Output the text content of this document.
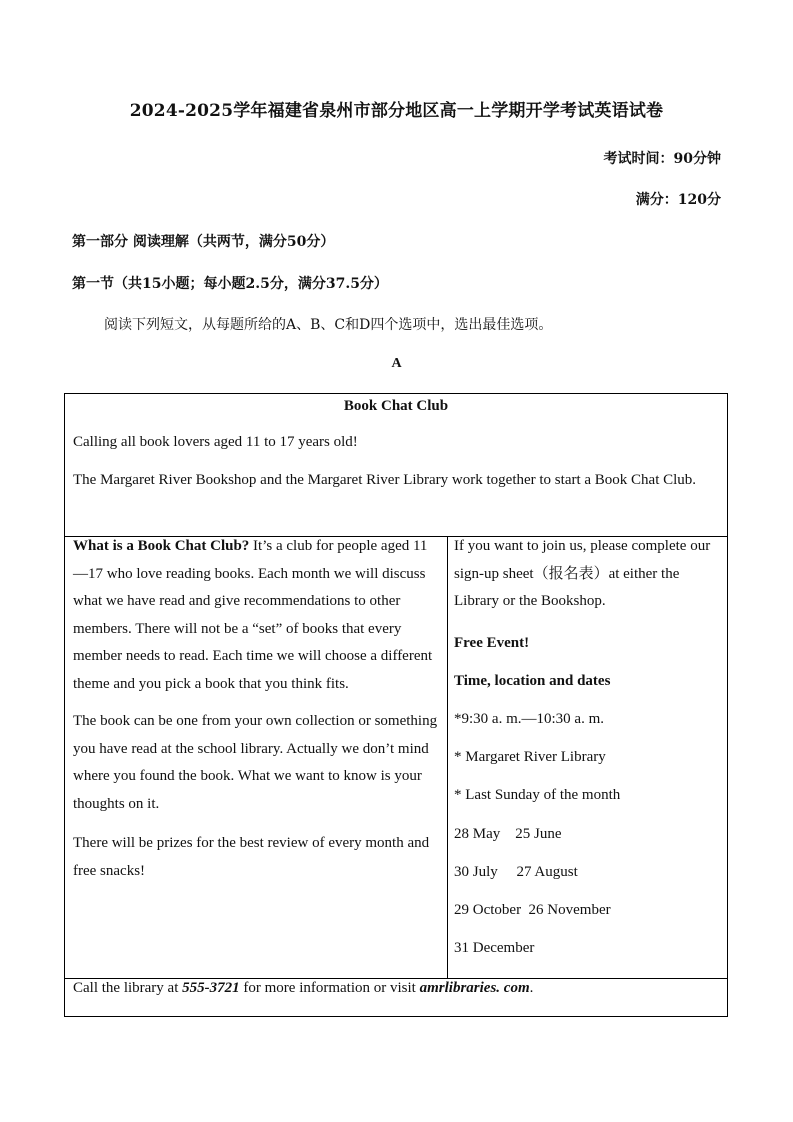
2024-2025学年福建省泉州市部分地区高一上学期开学考试英语试卷
考试时间：90分钟
满分：120分
第一部分 阅读理解（共两节，满分50分）
第一节（共15小题；每小题2.5分，满分37.5分）
阅读下列短文，从每题所给的A、B、C和D四个选项中，选出最佳选项。
A
Book Chat Club
Calling all book lovers aged 11 to 17 years old!
The Margaret River Bookshop and the Margaret River Library work together to start a Book Chat Club.
What is a Book Chat Club? It’s a club for people aged 11—17 who love reading books. Each month we will discuss what we have read and give recommendations to other members. There will not be a “set” of books that every member needs to read. Each time we will choose a different theme and you pick a book that you think fits.
The book can be one from your own collection or something you have read at the school library. Actually we don’t mind where you found the book. What we want to know is your thoughts on it.
There will be prizes for the best review of every month and free snacks!
If you want to join us, please complete our sign-up sheet（报名表）at either the Library or the Bookshop.
Free Event!
Time, location and dates
*9:30 a. m.—10:30 a. m.
* Margaret River Library
* Last Sunday of the month
28 May    25 June
30 July     27 August
29 October  26 November
31 December
Call the library at 555-3721 for more information or visit amrlibraries. com.
